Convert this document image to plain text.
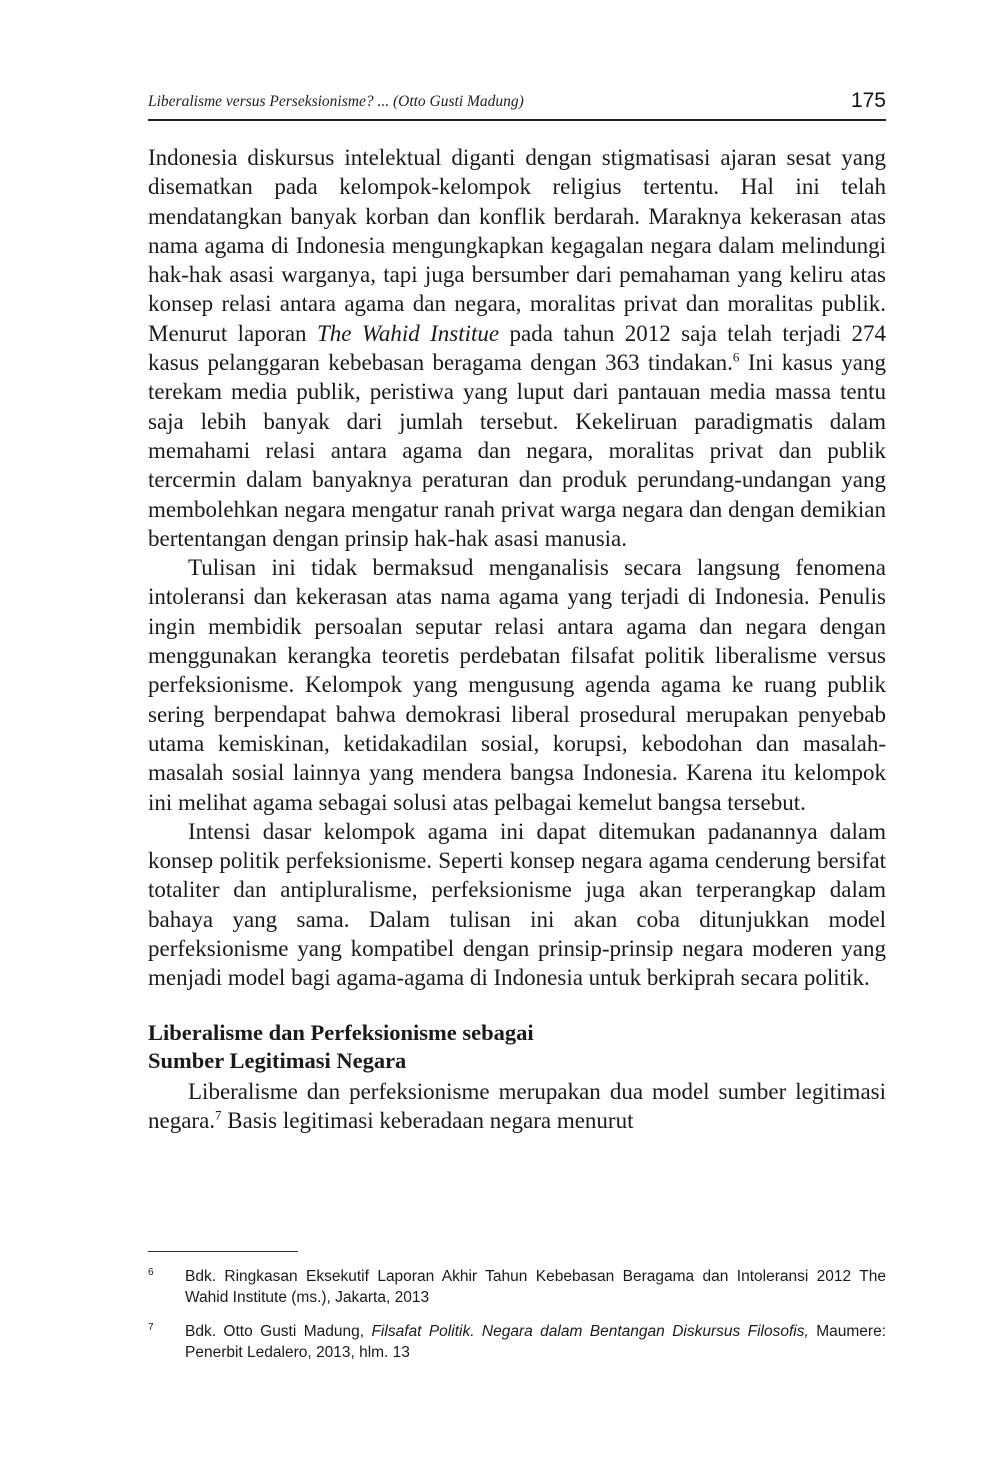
Liberalisme versus Perseksionisme? ... (Otto Gusti Madung)	175

Indonesia diskursus intelektual diganti dengan stigmatisasi ajaran sesat yang disematkan pada kelompok-kelompok religius tertentu. Hal ini telah mendatangkan banyak korban dan konflik berdarah. Maraknya kekerasan atas nama agama di Indonesia mengungkapkan kegagalan negara dalam melindungi hak-hak asasi warganya, tapi juga bersumber dari pemahaman yang keliru atas konsep relasi antara agama dan negara, moralitas privat dan moralitas publik. Menurut laporan The Wahid Institue pada tahun 2012 saja telah terjadi 274 kasus pelanggaran kebebasan beragama dengan 363 tindakan.$^6$ Ini kasus yang terekam media publik, peristiwa yang luput dari pantauan media massa tentu saja lebih banyak dari jumlah tersebut. Kekeliruan paradigmatis dalam memahami relasi antara agama dan negara, moralitas privat dan publik tercermin dalam banyaknya peraturan dan produk perundang-undangan yang membolehkan negara mengatur ranah privat warga negara dan dengan demikian bertentangan dengan prinsip hak-hak asasi manusia.

Tulisan ini tidak bermaksud menganalisis secara langsung fenomena intoleransi dan kekerasan atas nama agama yang terjadi di Indonesia. Penulis ingin membidik persoalan seputar relasi antara agama dan negara dengan menggunakan kerangka teoretis perdebatan filsafat politik liberalisme versus perfeksionisme. Kelompok yang mengusung agenda agama ke ruang publik sering berpendapat bahwa demokrasi liberal prosedural merupakan penyebab utama kemiskinan, ketidakadilan sosial, korupsi, kebodohan dan masalah-masalah sosial lainnya yang mendera bangsa Indonesia. Karena itu kelompok ini melihat agama sebagai solusi atas pelbagai kemelut bangsa tersebut.

Intensi dasar kelompok agama ini dapat ditemukan padanannya dalam konsep politik perfeksionisme. Seperti konsep negara agama cenderung bersifat totaliter dan antipluralisme, perfeksionisme juga akan terperangkap dalam bahaya yang sama. Dalam tulisan ini akan coba ditunjukkan model perfeksionisme yang kompatibel dengan prinsip-prinsip negara moderen yang menjadi model bagi agama-agama di Indonesia untuk berkiprah secara politik.

Liberalisme dan Perfeksionisme sebagai
Sumber Legitimasi Negara

Liberalisme dan perfeksionisme merupakan dua model sumber legitimasi negara.$^7$ Basis legitimasi keberadaan negara menurut

6 Bdk. Ringkasan Eksekutif Laporan Akhir Tahun Kebebasan Beragama dan Intoleransi 2012 The Wahid Institute (ms.), Jakarta, 2013
7 Bdk. Otto Gusti Madung, Filsafat Politik. Negara dalam Bentangan Diskursus Filosofis, Maumere: Penerbit Ledalero, 2013, hlm. 13
